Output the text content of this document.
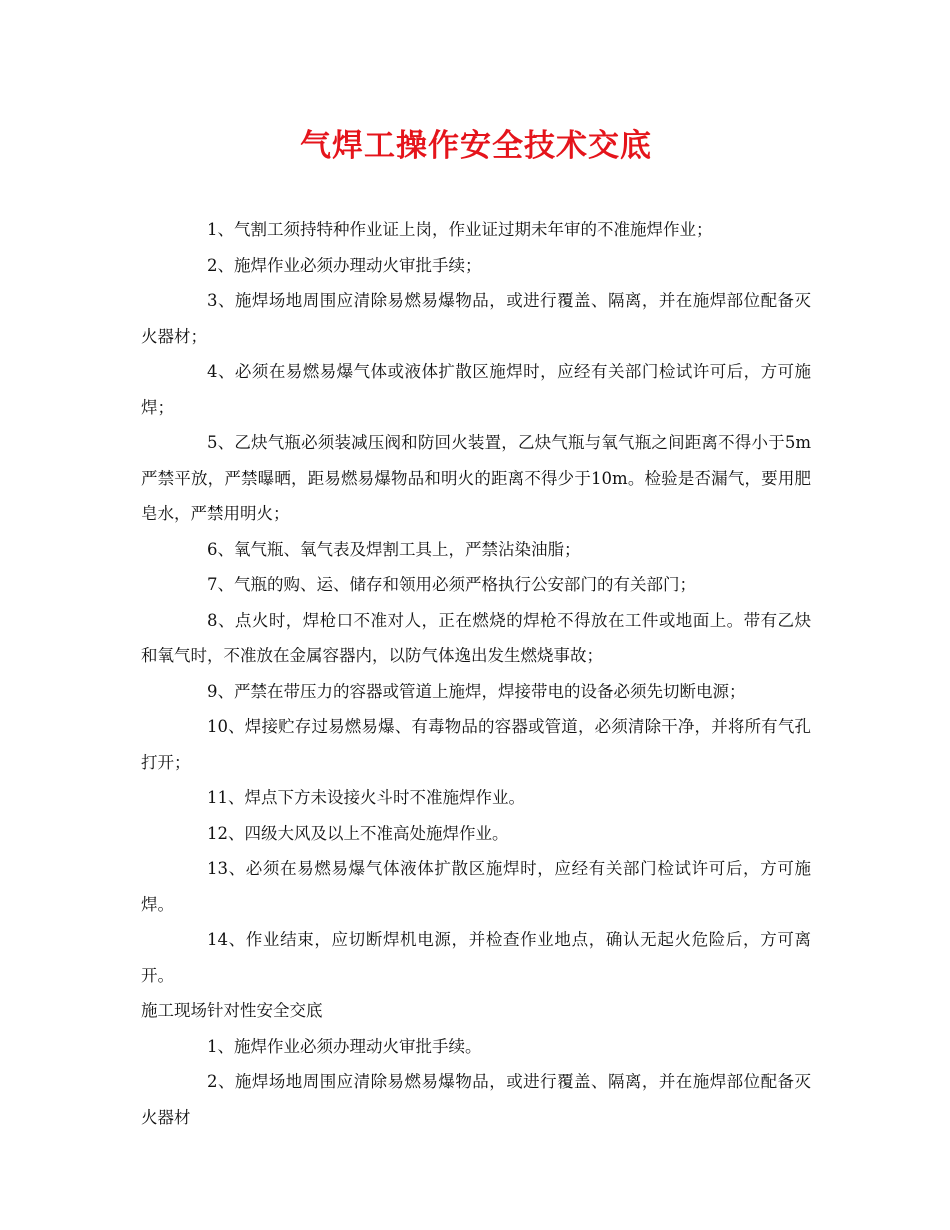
气焊工操作安全技术交底

1、气割工须持特种作业证上岗，作业证过期未年审的不准施焊作业；

2、施焊作业必须办理动火审批手续；

3、施焊场地周围应清除易燃易爆物品，或进行覆盖、隔离，并在施焊部位配备灭火器材；

4、必须在易燃易爆气体或液体扩散区施焊时，应经有关部门检试许可后，方可施焊；

5、乙炔气瓶必须装减压阀和防回火装置，乙炔气瓶与氧气瓶之间距离不得小于5m严禁平放，严禁曝晒，距易燃易爆物品和明火的距离不得少于10m。检验是否漏气，要用肥皂水，严禁用明火；

6、氧气瓶、氧气表及焊割工具上，严禁沾染油脂；

7、气瓶的购、运、储存和领用必须严格执行公安部门的有关部门；

8、点火时，焊枪口不准对人，正在燃烧的焊枪不得放在工件或地面上。带有乙炔和氧气时，不准放在金属容器内，以防气体逸出发生燃烧事故；

9、严禁在带压力的容器或管道上施焊，焊接带电的设备必须先切断电源；

10、焊接贮存过易燃易爆、有毒物品的容器或管道，必须清除干净，并将所有气孔打开；

11、焊点下方未设接火斗时不准施焊作业。

12、四级大风及以上不准高处施焊作业。

13、必须在易燃易爆气体液体扩散区施焊时，应经有关部门检试许可后，方可施焊。

14、作业结束，应切断焊机电源，并检查作业地点，确认无起火危险后，方可离开。

施工现场针对性安全交底

1、施焊作业必须办理动火审批手续。

2、施焊场地周围应清除易燃易爆物品，或进行覆盖、隔离，并在施焊部位配备灭火器材
